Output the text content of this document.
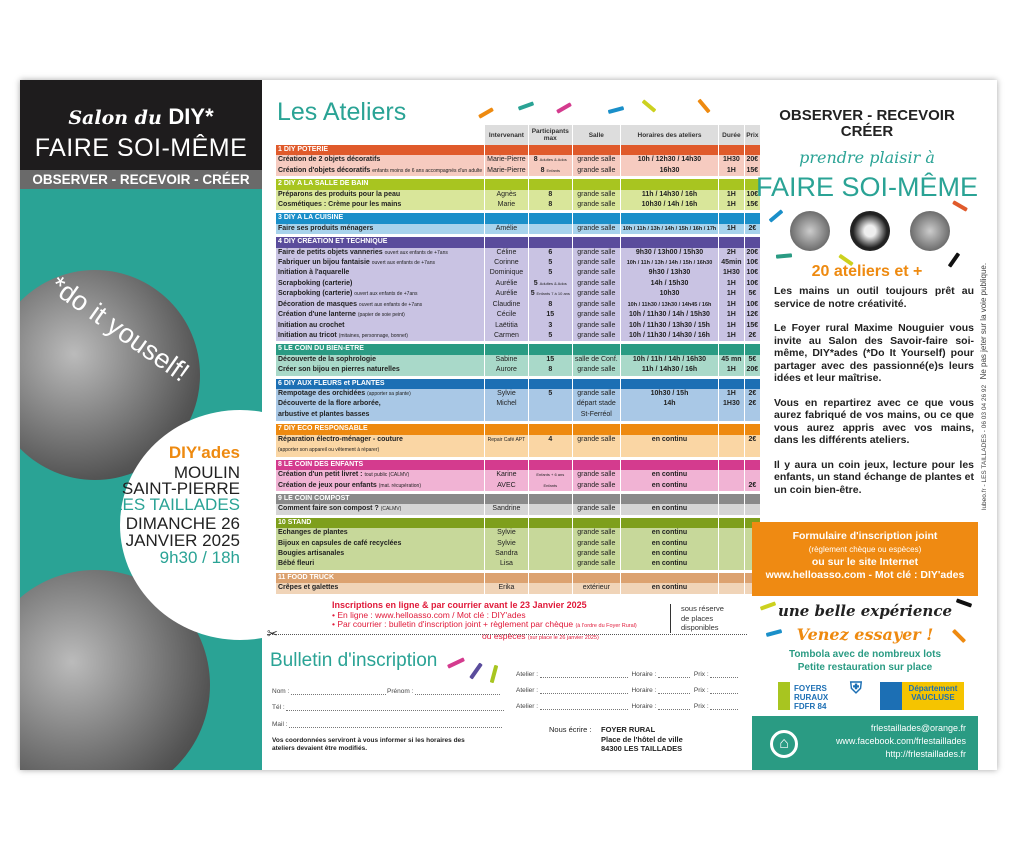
Salon du DIY*
FAIRE SOI-MÊME
OBSERVER - RECEVOIR - CRÉER
*do it youself!
DIY'ades
MOULIN
SAINT-PIERRE
LES TAILLADES
DIMANCHE 26
JANVIER 2025
9h30 / 18h
Les Ateliers
	Intervenant	Participants max	Salle	Horaires des ateliers	Durée	Prix
1 DIY POTERIE						
Création de 2 objets décoratifs	Marie-Pierre	8 Adultes & Ados	grande salle	10h / 12h30 / 14h30	1H30	20€
Création d'objets décoratifs enfants moins de 6 ans accompagnés d'un adulte	Marie-Pierre	8 Enfants	grande salle	16h30	1H	15€

2 DIY A LA SALLE DE BAIN						
Préparons des produits pour la peau	Agnès	8	grande salle	11h / 14h30 / 16h	1H	10€
Cosmétiques : Crème pour les mains	Marie	8	grande salle	10h30 / 14h / 16h	1H	15€

3 DIY A LA CUISINE						
Faire ses produits ménagers	Amélie		grande salle	10h / 11h / 13h / 14h / 15h / 16h / 17h	1H	2€

4 DIY CRÉATION ET TECHNIQUE						
Faire de petits objets vanneries ouvert aux enfants de +7ans	Céline	6	grande salle	9h30 / 13h00 / 15h30	2H	20€
Fabriquer un bijou fantaisie ouvert aux enfants de +7ans	Corinne	5	grande salle	10h / 11h / 13h / 14h / 15h / 16h30	45min	10€
Initiation à l'aquarelle	Dominique	5	grande salle	9h30 / 13h30	1H30	10€
Scrapboking (carterie)	Aurélie	5 Adultes & Ados	grande salle	14h / 15h30	1H	10€
Scrapboking (carterie) ouvert aux enfants de +7ans	Aurélie	5 Enfants 7 à 10 ans	grande salle	10h30	1H	5€
Décoration de masques ouvert aux enfants de +7ans	Claudine	8	grande salle	10h / 11h30 / 13h30 / 14h45 / 16h	1H	10€
Création d'une lanterne (papier de soie peint)	Cécile	15	grande salle	10h / 11h30 / 14h / 15h30	1H	12€
Initiation au crochet	Laëtitia	3	grande salle	10h / 11h30 / 13h30 / 15h	1H	15€
Initiation au tricot (mitaines, personnage, bonnet)	Carmen	5	grande salle	10h / 11h30 / 14h30 / 16h	1H	2€

5 LE COIN DU BIEN-ETRE						
Découverte de la sophrologie	Sabine	15	salle de Conf.	10h / 11h / 14h / 16h30	45 mn	5€
Créer son bijou en pierres naturelles	Aurore	8	grande salle	11h / 14h30 / 16h	1H	20€

6 DIY AUX FLEURS et PLANTES						
Rempotage des orchidées (apporter sa plante)	Sylvie	5	grande salle	10h30 / 15h	1H	2€
Découverte de la flore arborée,
arbustive et plantes basses	Michel		départ stade
St-Ferréol	14h	1H30	2€

7 DIY ECO RESPONSABLE						
Réparation électro-ménager - couture
(apporter son appareil ou vêtement à réparer)	Repair Café APT	4	grande salle	en continu		2€

8 LE COIN DES ENFANTS						
Création d'un petit livret : tout public (CALMV)	Karine	Enfants + 6 ans	grande salle	en continu		
Création de jeux pour enfants (mat. récupération)	AVEC	Enfants	grande salle	en continu		2€

9 LE COIN COMPOST						
Comment faire son compost ? (CALMV)	Sandrine		grande salle	en continu		

10 STAND						
Echanges de plantes	Sylvie		grande salle	en continu		
Bijoux en capsules de café recyclées	Sylvie		grande salle	en continu		
Bougies artisanales	Sandra		grande salle	en continu		
Bébé fleuri	Lisa		grande salle	en continu		

11 FOOD TRUCK						
Crêpes et galettes	Erika		extérieur	en continu		
Inscriptions en ligne & par courrier avant le 23 Janvier 2025
• En ligne : www.helloasso.com / Mot clé : DIY'ades
• Par courrier : bulletin d'inscription joint + règlement par chèque (à l'ordre du Foyer Rural)
ou espèces (sur place le 26 janvier 2025)
sous réserve
de places
disponibles
✂
Bulletin d'inscription
Nom :	Prénom :
Tél :
Mail :
Atelier :	Horaire :	Prix :
Atelier :	Horaire :	Prix :
Atelier :	Horaire :	Prix :
Vos coordonnées serviront à vous informer si les horaires des ateliers devaient être modifiés.
Nous écrire : FOYER RURAL
Place de l'hôtel de ville
84300 LES TAILLADES
OBSERVER - RECEVOIR
CRÉER
prendre plaisir à
FAIRE SOI-MÊME
20 ateliers et +

Les mains un outil toujours prêt au service de notre créativité.

Le Foyer rural Maxime Nouguier vous invite au Salon des Savoir-faire soi-même, DIY*ades (*Do It Yourself) pour partager avec des passionné(e)s leurs idées et leur maîtrise.

Vous en repartirez avec ce que vous aurez fabriqué de vos mains, ou ce que vous aurez appris avec vos mains, dans les différents ateliers.

Il y aura un coin jeux, lecture pour les enfants, un stand échange de plantes et un coin bien-être.	lubeo.fr - LES TAILLADES - 06 03 04 26 92   Ne pas jeter sur la voie publique.
Formulaire d'inscription joint
(règlement chèque ou espèces)
ou sur le site Internet
www.helloasso.com - Mot clé : DIY'ades
une belle expérience
Venez essayer !
Tombola avec de nombreux lots
Petite restauration sur place
FOYERS RURAUX
FDFR 84
⛨	Département
VAUCLUSE
⌂
frlestaillades@orange.fr
www.facebook.com/frlestaillades
http://frlestaillades.fr
